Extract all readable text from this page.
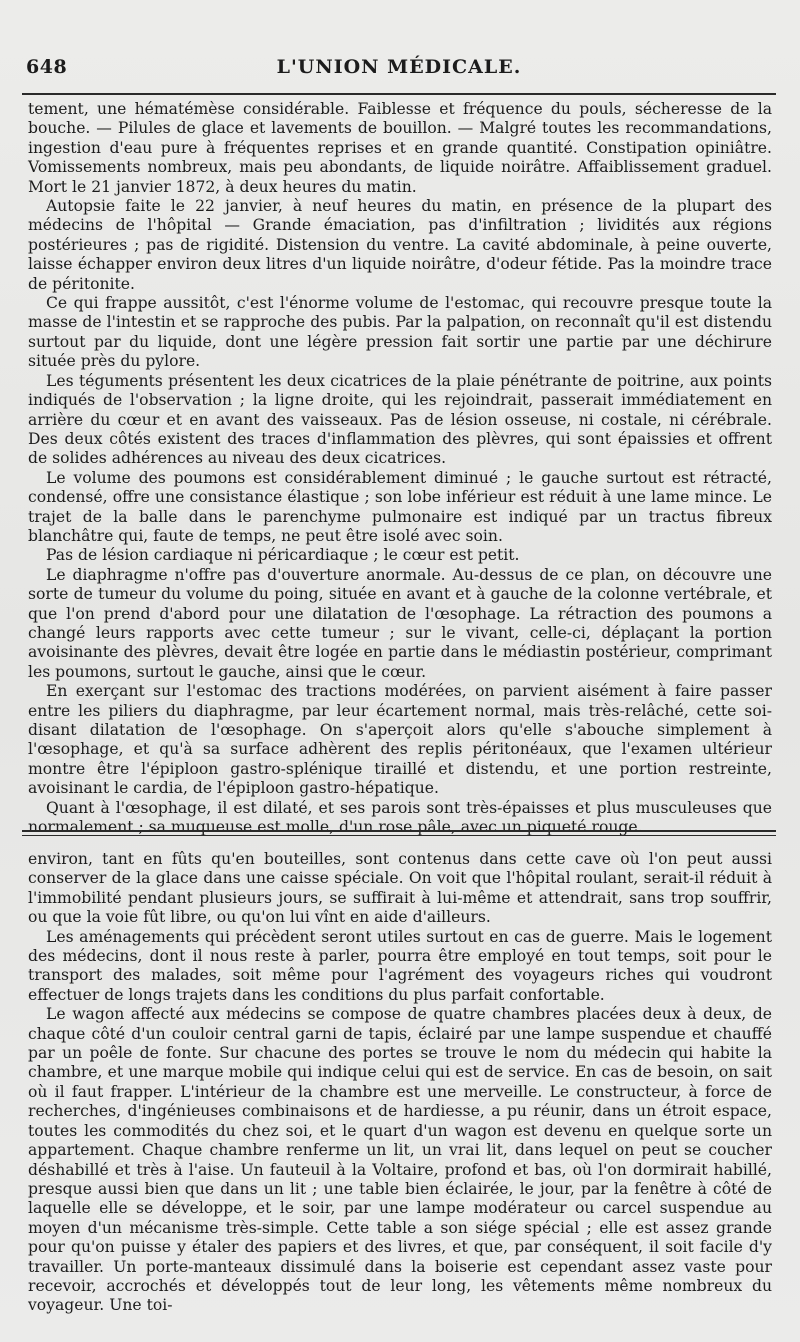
648	L'UNION MÉDICALE.

tement, une hématémèse considérable. Faiblesse et fréquence du pouls, sécheresse de la bouche. — Pilules de glace et lavements de bouillon. — Malgré toutes les recommandations, ingestion d'eau pure à fréquentes reprises et en grande quantité. Constipation opiniâtre. Vomissements nombreux, mais peu abondants, de liquide noirâtre. Affaiblissement graduel. Mort le 21 janvier 1872, à deux heures du matin.

Autopsie faite le 22 janvier, à neuf heures du matin, en présence de la plupart des médecins de l'hôpital — Grande émaciation, pas d'infiltration ; lividités aux régions postérieures ; pas de rigidité. Distension du ventre. La cavité abdominale, à peine ouverte, laisse échapper environ deux litres d'un liquide noirâtre, d'odeur fétide. Pas la moindre trace de péritonite.

Ce qui frappe aussitôt, c'est l'énorme volume de l'estomac, qui recouvre presque toute la masse de l'intestin et se rapproche des pubis. Par la palpation, on reconnaît qu'il est distendu surtout par du liquide, dont une légère pression fait sortir une partie par une déchirure située près du pylore.

Les téguments présentent les deux cicatrices de la plaie pénétrante de poitrine, aux points indiqués de l'observation ; la ligne droite, qui les rejoindrait, passerait immédiatement en arrière du cœur et en avant des vaisseaux. Pas de lésion osseuse, ni costale, ni cérébrale. Des deux côtés existent des traces d'inflammation des plèvres, qui sont épaissies et offrent de solides adhérences au niveau des deux cicatrices.

Le volume des poumons est considérablement diminué ; le gauche surtout est rétracté, condensé, offre une consistance élastique ; son lobe inférieur est réduit à une lame mince. Le trajet de la balle dans le parenchyme pulmonaire est indiqué par un tractus fibreux blanchâtre qui, faute de temps, ne peut être isolé avec soin.

Pas de lésion cardiaque ni péricardiaque ; le cœur est petit.

Le diaphragme n'offre pas d'ouverture anormale. Au-dessus de ce plan, on découvre une sorte de tumeur du volume du poing, située en avant et à gauche de la colonne vertébrale, et que l'on prend d'abord pour une dilatation de l'œsophage. La rétraction des poumons a changé leurs rapports avec cette tumeur ; sur le vivant, celle-ci, déplaçant la portion avoisinante des plèvres, devait être logée en partie dans le médiastin postérieur, comprimant les poumons, surtout le gauche, ainsi que le cœur.

En exerçant sur l'estomac des tractions modérées, on parvient aisément à faire passer entre les piliers du diaphragme, par leur écartement normal, mais très-relâché, cette soi-disant dilatation de l'œsophage. On s'aperçoit alors qu'elle s'abouche simplement à l'œsophage, et qu'à sa surface adhèrent des replis péritonéaux, que l'examen ultérieur montre être l'épiploon gastro-splénique tiraillé et distendu, et une portion restreinte, avoisinant le cardia, de l'épiploon gastro-hépatique.

Quant à l'œsophage, il est dilaté, et ses parois sont très-épaisses et plus musculeuses que normalement ; sa muqueuse est molle, d'un rose pâle, avec un piqueté rouge.

environ, tant en fûts qu'en bouteilles, sont contenus dans cette cave où l'on peut aussi conserver de la glace dans une caisse spéciale. On voit que l'hôpital roulant, serait-il réduit à l'immobilité pendant plusieurs jours, se suffirait à lui-même et attendrait, sans trop souffrir, ou que la voie fût libre, ou qu'on lui vînt en aide d'ailleurs.

Les aménagements qui précèdent seront utiles surtout en cas de guerre. Mais le logement des médecins, dont il nous reste à parler, pourra être employé en tout temps, soit pour le transport des malades, soit même pour l'agrément des voyageurs riches qui voudront effectuer de longs trajets dans les conditions du plus parfait confortable.

Le wagon affecté aux médecins se compose de quatre chambres placées deux à deux, de chaque côté d'un couloir central garni de tapis, éclairé par une lampe suspendue et chauffé par un poêle de fonte. Sur chacune des portes se trouve le nom du médecin qui habite la chambre, et une marque mobile qui indique celui qui est de service. En cas de besoin, on sait où il faut frapper. L'intérieur de la chambre est une merveille. Le constructeur, à force de recherches, d'ingénieuses combinaisons et de hardiesse, a pu réunir, dans un étroit espace, toutes les commodités du chez soi, et le quart d'un wagon est devenu en quelque sorte un appartement. Chaque chambre renferme un lit, un vrai lit, dans lequel on peut se coucher déshabillé et très à l'aise. Un fauteuil à la Voltaire, profond et bas, où l'on dormirait habillé, presque aussi bien que dans un lit ; une table bien éclairée, le jour, par la fenêtre à côté de laquelle elle se développe, et le soir, par une lampe modérateur ou carcel suspendue au moyen d'un mécanisme très-simple. Cette table a son siége spécial ; elle est assez grande pour qu'on puisse y étaler des papiers et des livres, et que, par conséquent, il soit facile d'y travailler. Un porte-manteaux dissimulé dans la boiserie est cependant assez vaste pour recevoir, accrochés et développés tout de leur long, les vêtements même nombreux du voyageur. Une toi-
